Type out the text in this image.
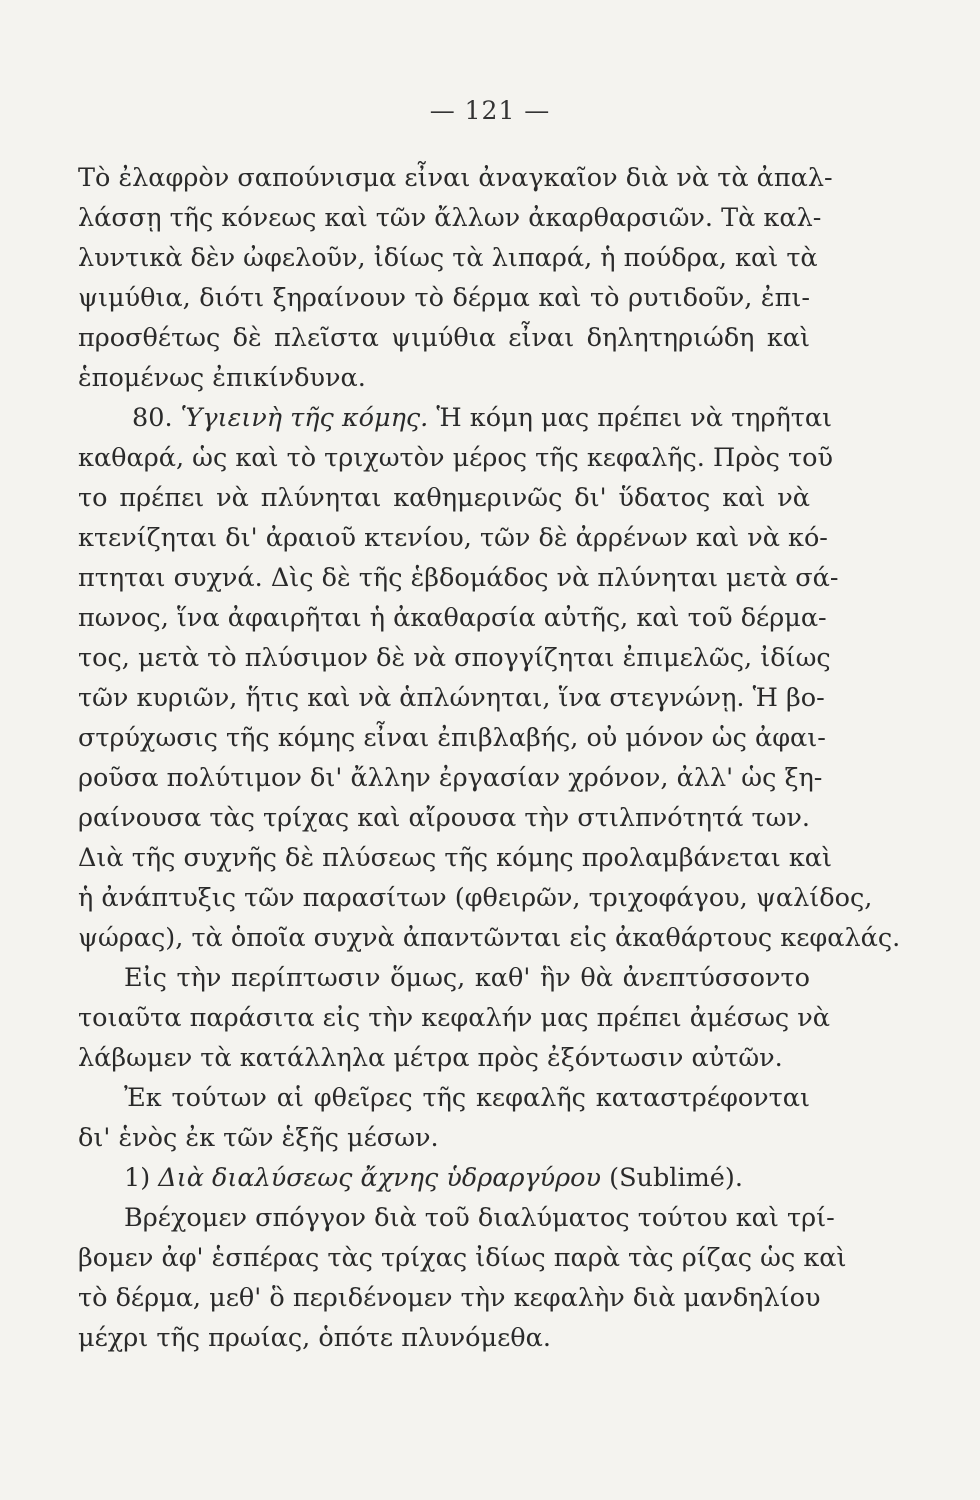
— 121 —
Τὸ ἐλαφρὸν σαπούνισμα εἶναι ἀναγκαῖον διὰ νὰ τὰ ἀπαλ-
λάσσῃ τῆς κόνεως καὶ τῶν ἄλλων ἀκαρθαρσιῶν. Τὰ καλ-
λυντικὰ δὲν ὠφελοῦν, ἰδίως τὰ λιπαρά, ἡ πούδρα, καὶ τὰ
ψιμύθια, διότι ξηραίνουν τὸ δέρμα καὶ τὸ ρυτιδοῦν, ἐπι-
προσθέτως δὲ πλεῖστα ψιμύθια εἶναι δηλητηριώδη καὶ
ἑπομένως ἐπικίνδυνα.
80. Ὑγιεινὴ τῆς κόμης. Ἡ κόμη μας πρέπει νὰ τηρῆται
καθαρά, ὡς καὶ τὸ τριχωτὸν μέρος τῆς κεφαλῆς. Πρὸς τοῦ
το πρέπει νὰ πλύνηται καθημερινῶς δι' ὕδατος καὶ νὰ
κτενίζηται δι' ἀραιοῦ κτενίου, τῶν δὲ ἀρρένων καὶ νὰ κό-
πτηται συχνά. Δὶς δὲ τῆς ἑβδομάδος νὰ πλύνηται μετὰ σά-
πωνος, ἵνα ἀφαιρῆται ἡ ἀκαθαρσία αὐτῆς, καὶ τοῦ δέρμα-
τος, μετὰ τὸ πλύσιμον δὲ νὰ σπογγίζηται ἐπιμελῶς, ἰδίως
τῶν κυριῶν, ἥτις καὶ νὰ ἁπλώνηται, ἵνα στεγνώνῃ. Ἡ βο-
στρύχωσις τῆς κόμης εἶναι ἐπιβλαβής, οὐ μόνον ὡς ἀφαι-
ροῦσα πολύτιμον δι' ἄλλην ἐργασίαν χρόνον, ἀλλ' ὡς ξη-
ραίνουσα τὰς τρίχας καὶ αἴρουσα τὴν στιλπνότητά των.
Διὰ τῆς συχνῆς δὲ πλύσεως τῆς κόμης προλαμβάνεται καὶ
ἡ ἀνάπτυξις τῶν παρασίτων (φθειρῶν, τριχοφάγου, ψαλίδος,
ψώρας), τὰ ὁποῖα συχνὰ ἀπαντῶνται εἰς ἀκαθάρτους κεφαλάς.
Εἰς τὴν περίπτωσιν ὅμως, καθ' ἣν θὰ ἀνεπτύσσοντο
τοιαῦτα παράσιτα εἰς τὴν κεφαλήν μας πρέπει ἀμέσως νὰ
λάβωμεν τὰ κατάλληλα μέτρα πρὸς ἐξόντωσιν αὐτῶν.
Ἐκ τούτων αἱ φθεῖρες τῆς κεφαλῆς καταστρέφονται
δι' ἑνὸς ἐκ τῶν ἑξῆς μέσων.
1) Διὰ διαλύσεως ἄχνης ὑδραργύρου (Sublimé).
Βρέχομεν σπόγγον διὰ τοῦ διαλύματος τούτου καὶ τρί-
βομεν ἀφ' ἑσπέρας τὰς τρίχας ἰδίως παρὰ τὰς ρίζας ὡς καὶ
τὸ δέρμα, μεθ' ὃ περιδένομεν τὴν κεφαλὴν διὰ μανδηλίου
μέχρι τῆς πρωίας, ὁπότε πλυνόμεθα.
